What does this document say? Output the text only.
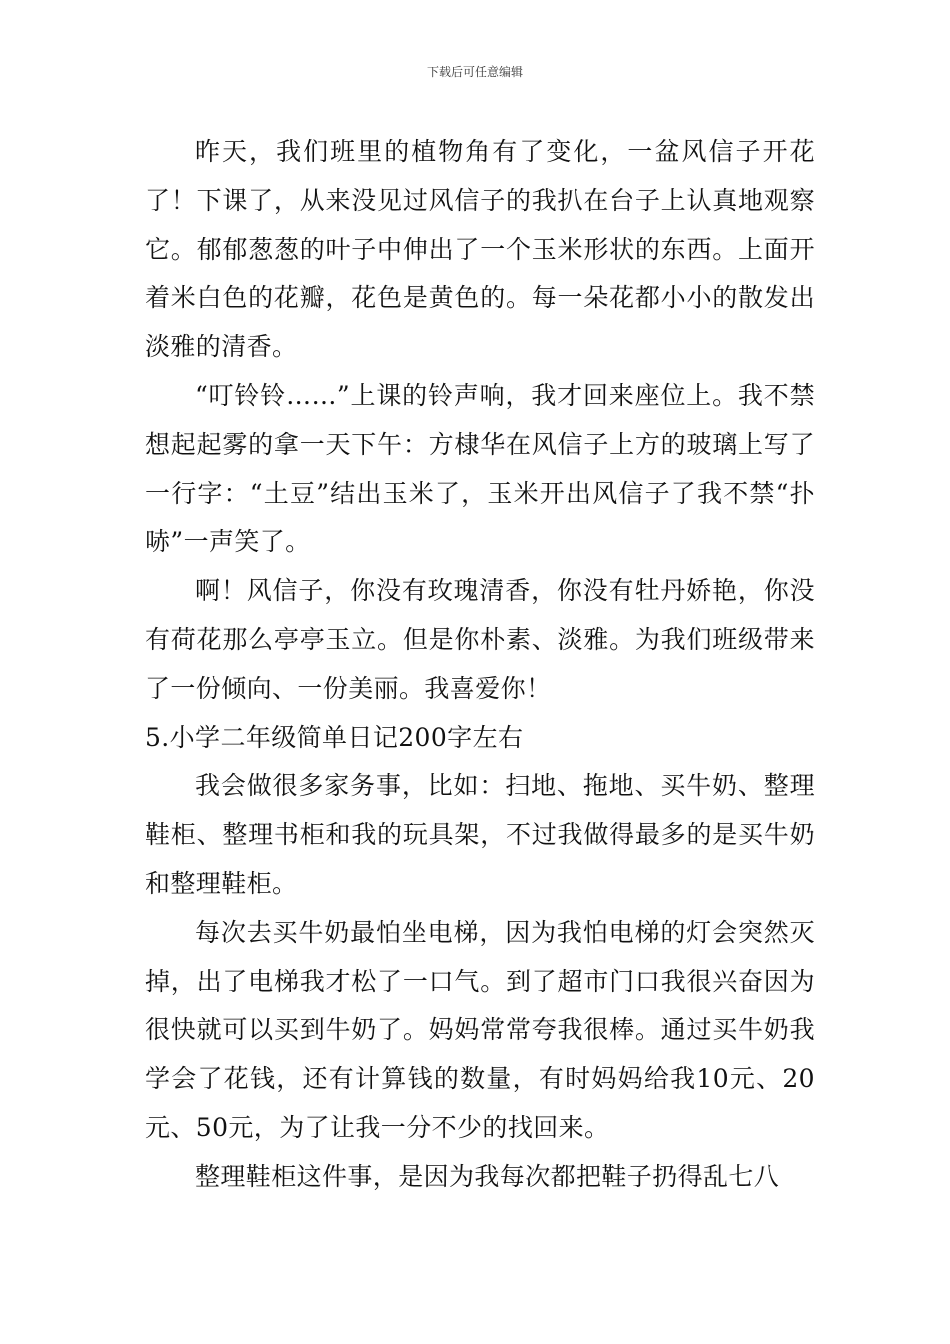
下载后可任意编辑

昨天，我们班里的植物角有了变化，一盆风信子开花了！下课了，从来没见过风信子的我扒在台子上认真地观察它。郁郁葱葱的叶子中伸出了一个玉米形状的东西。上面开着米白色的花瓣，花色是黄色的。每一朵花都小小的散发出淡雅的清香。

“叮铃铃……”上课的铃声响，我才回来座位上。我不禁想起起雾的拿一天下午：方棣华在风信子上方的玻璃上写了一行字：“土豆”结出玉米了，玉米开出风信子了我不禁“扑哧”一声笑了。

啊！风信子，你没有玫瑰清香，你没有牡丹娇艳，你没有荷花那么亭亭玉立。但是你朴素、淡雅。为我们班级带来了一份倾向、一份美丽。我喜爱你！

5.小学二年级简单日记200字左右

我会做很多家务事，比如：扫地、拖地、买牛奶、整理鞋柜、整理书柜和我的玩具架，不过我做得最多的是买牛奶和整理鞋柜。

每次去买牛奶最怕坐电梯，因为我怕电梯的灯会突然灭掉，出了电梯我才松了一口气。到了超市门口我很兴奋因为很快就可以买到牛奶了。妈妈常常夸我很棒。通过买牛奶我学会了花钱，还有计算钱的数量，有时妈妈给我10元、20元、50元，为了让我一分不少的找回来。

整理鞋柜这件事，是因为我每次都把鞋子扔得乱七八
